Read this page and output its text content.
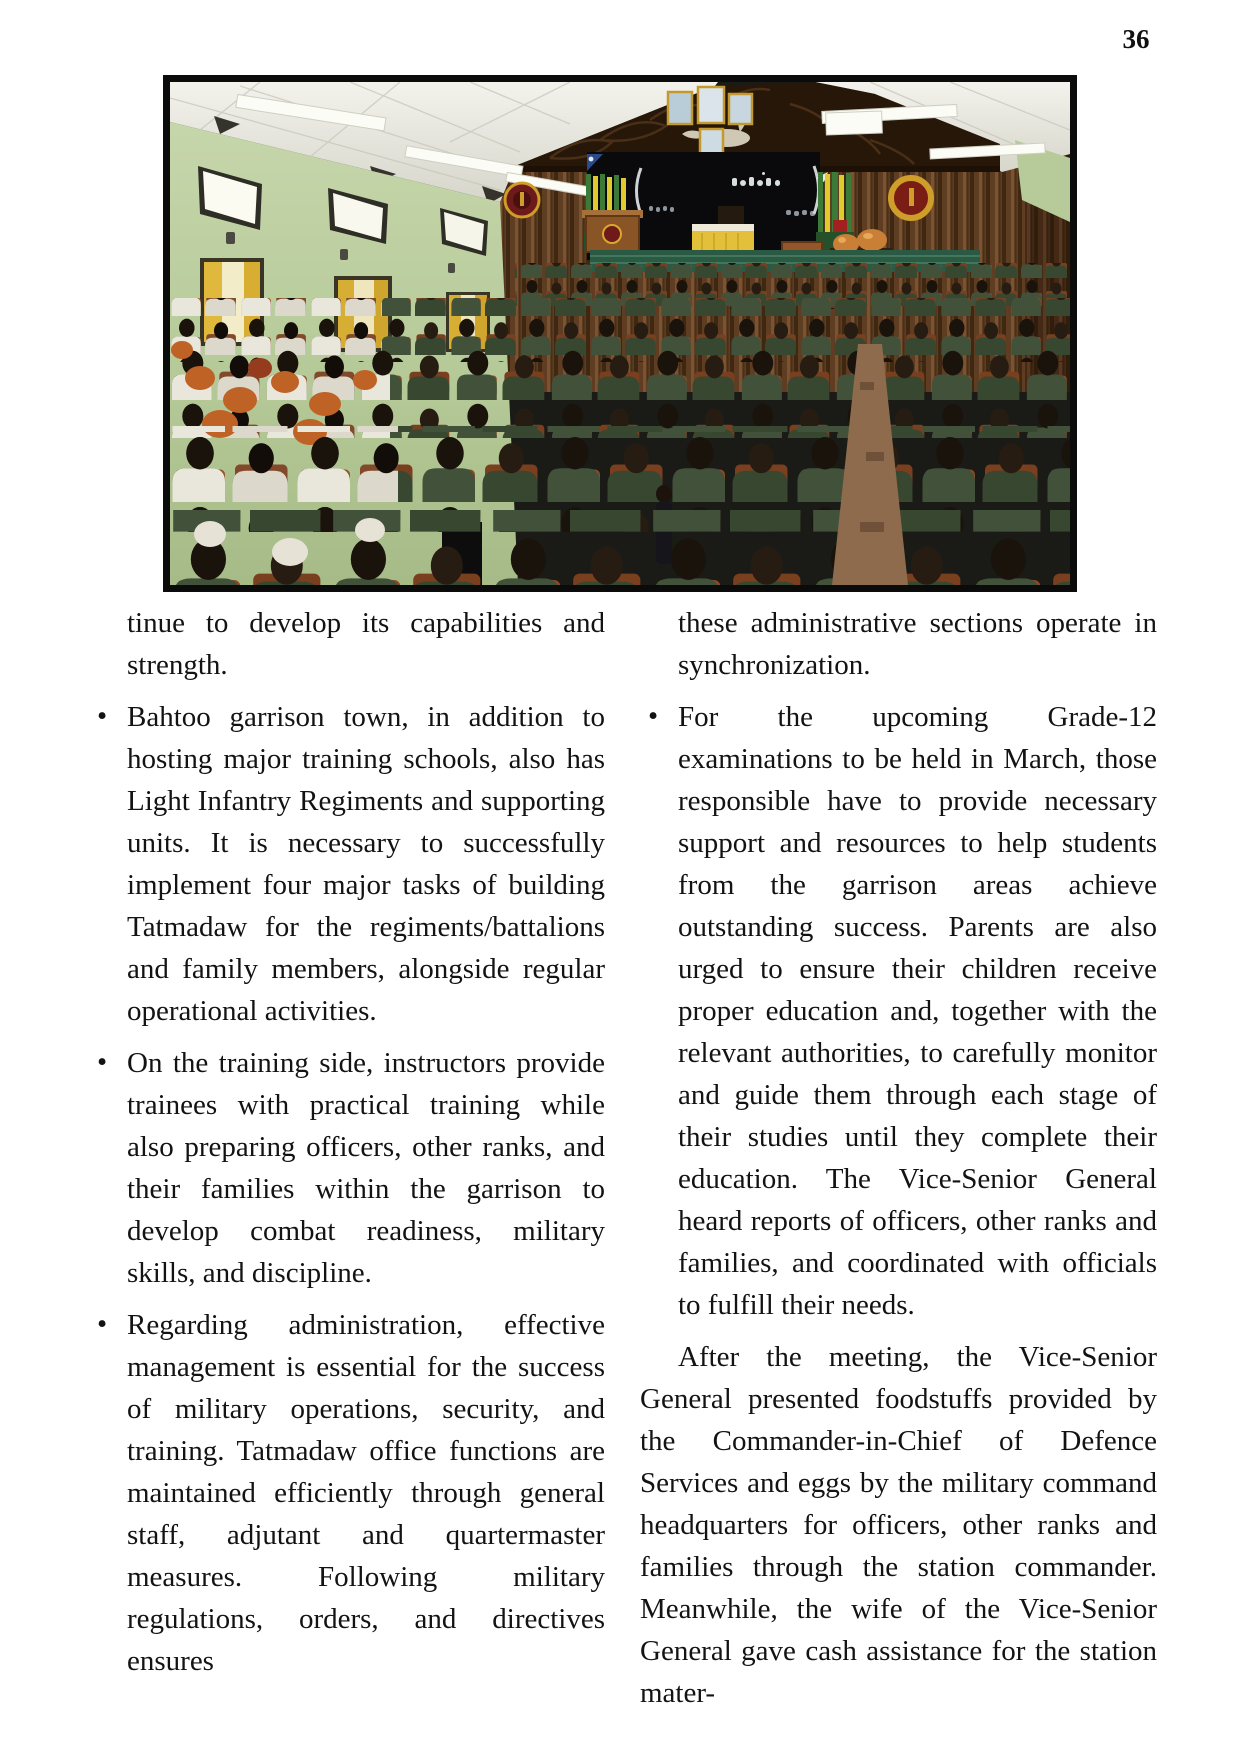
36
tinue to develop its capabilities and strength.
• Bahtoo garrison town, in addition to hosting major training schools, also has Light Infantry Regiments and supporting units. It is necessary to successfully implement four major tasks of building Tatmadaw for the regiments/battalions and family members, alongside regular operational activities.
• On the training side, instructors provide trainees with practical training while also preparing officers, other ranks, and their families within the garrison to develop combat readiness, military skills, and discipline.
• Regarding administration, effective management is essential for the success of military operations, security, and training. Tatmadaw office functions are maintained efficiently through general staff, adjutant and quartermaster measures. Following military regulations, orders, and directives ensures
these administrative sections operate in synchronization.
• For the upcoming Grade-12 examinations to be held in March, those responsible have to provide necessary support and resources to help students from the garrison areas achieve outstanding success. Parents are also urged to ensure their children receive proper education and, together with the relevant authorities, to carefully monitor and guide them through each stage of their studies until they complete their education. The Vice-Senior General heard reports of officers, other ranks and families, and coordinated with officials to fulfill their needs.
After the meeting, the Vice-Senior General presented foodstuffs provided by the Commander-in-Chief of Defence Services and eggs by the military command headquarters for officers, other ranks and families through the station commander. Meanwhile, the wife of the Vice-Senior General gave cash assistance for the station mater-
